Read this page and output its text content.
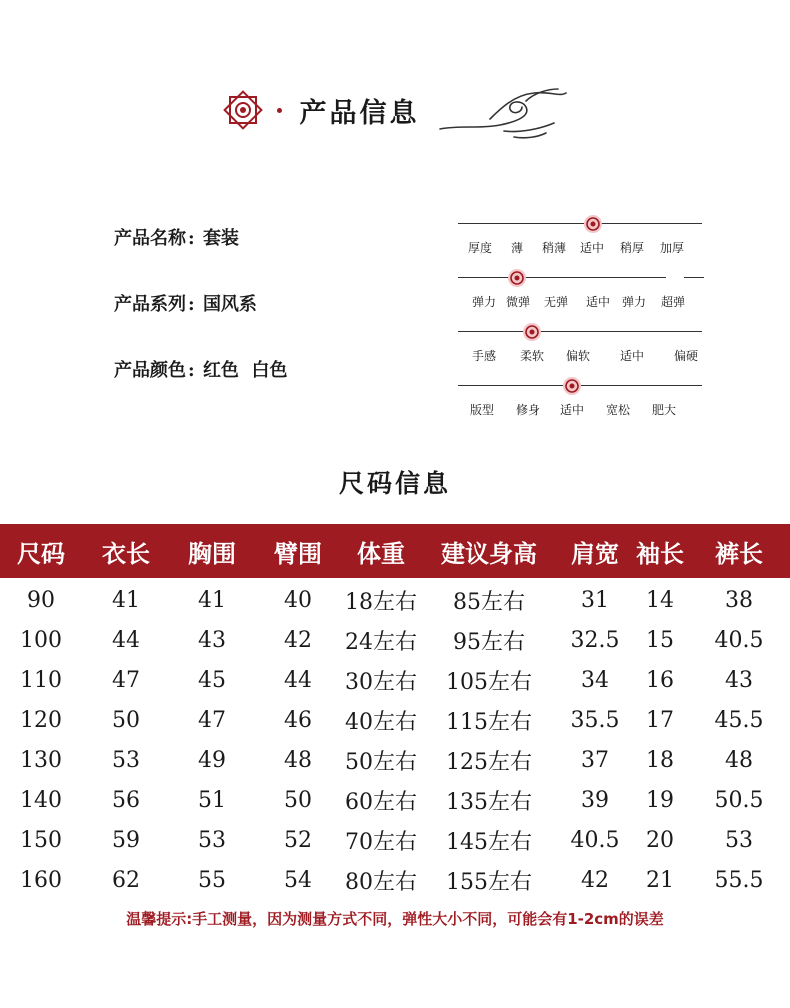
产品信息
产品名称 : 套装
产品系列 : 国风系
产品颜色 : 红色  白色
厚度 薄 稍薄 适中 稍厚 加厚
弹力 微弹 无弹 适中 弹力 超弹
手感 柔软 偏软 适中 偏硬
版型 修身 适中 宽松 肥大
尺码信息
尺码	衣长	胸围	臂围	体重	建议身高	肩宽	袖长	裤长
90	41	41	40	18左右	85左右	31	14	38
100	44	43	42	24左右	95左右	32.5	15	40.5
110	47	45	44	30左右	105左右	34	16	43
120	50	47	46	40左右	115左右	35.5	17	45.5
130	53	49	48	50左右	125左右	37	18	48
140	56	51	50	60左右	135左右	39	19	50.5
150	59	53	52	70左右	145左右	40.5	20	53
160	62	55	54	80左右	155左右	42	21	55.5
温馨提示:手工测量，因为测量方式不同，弹性大小不同，可能会有1-2cm的误差
